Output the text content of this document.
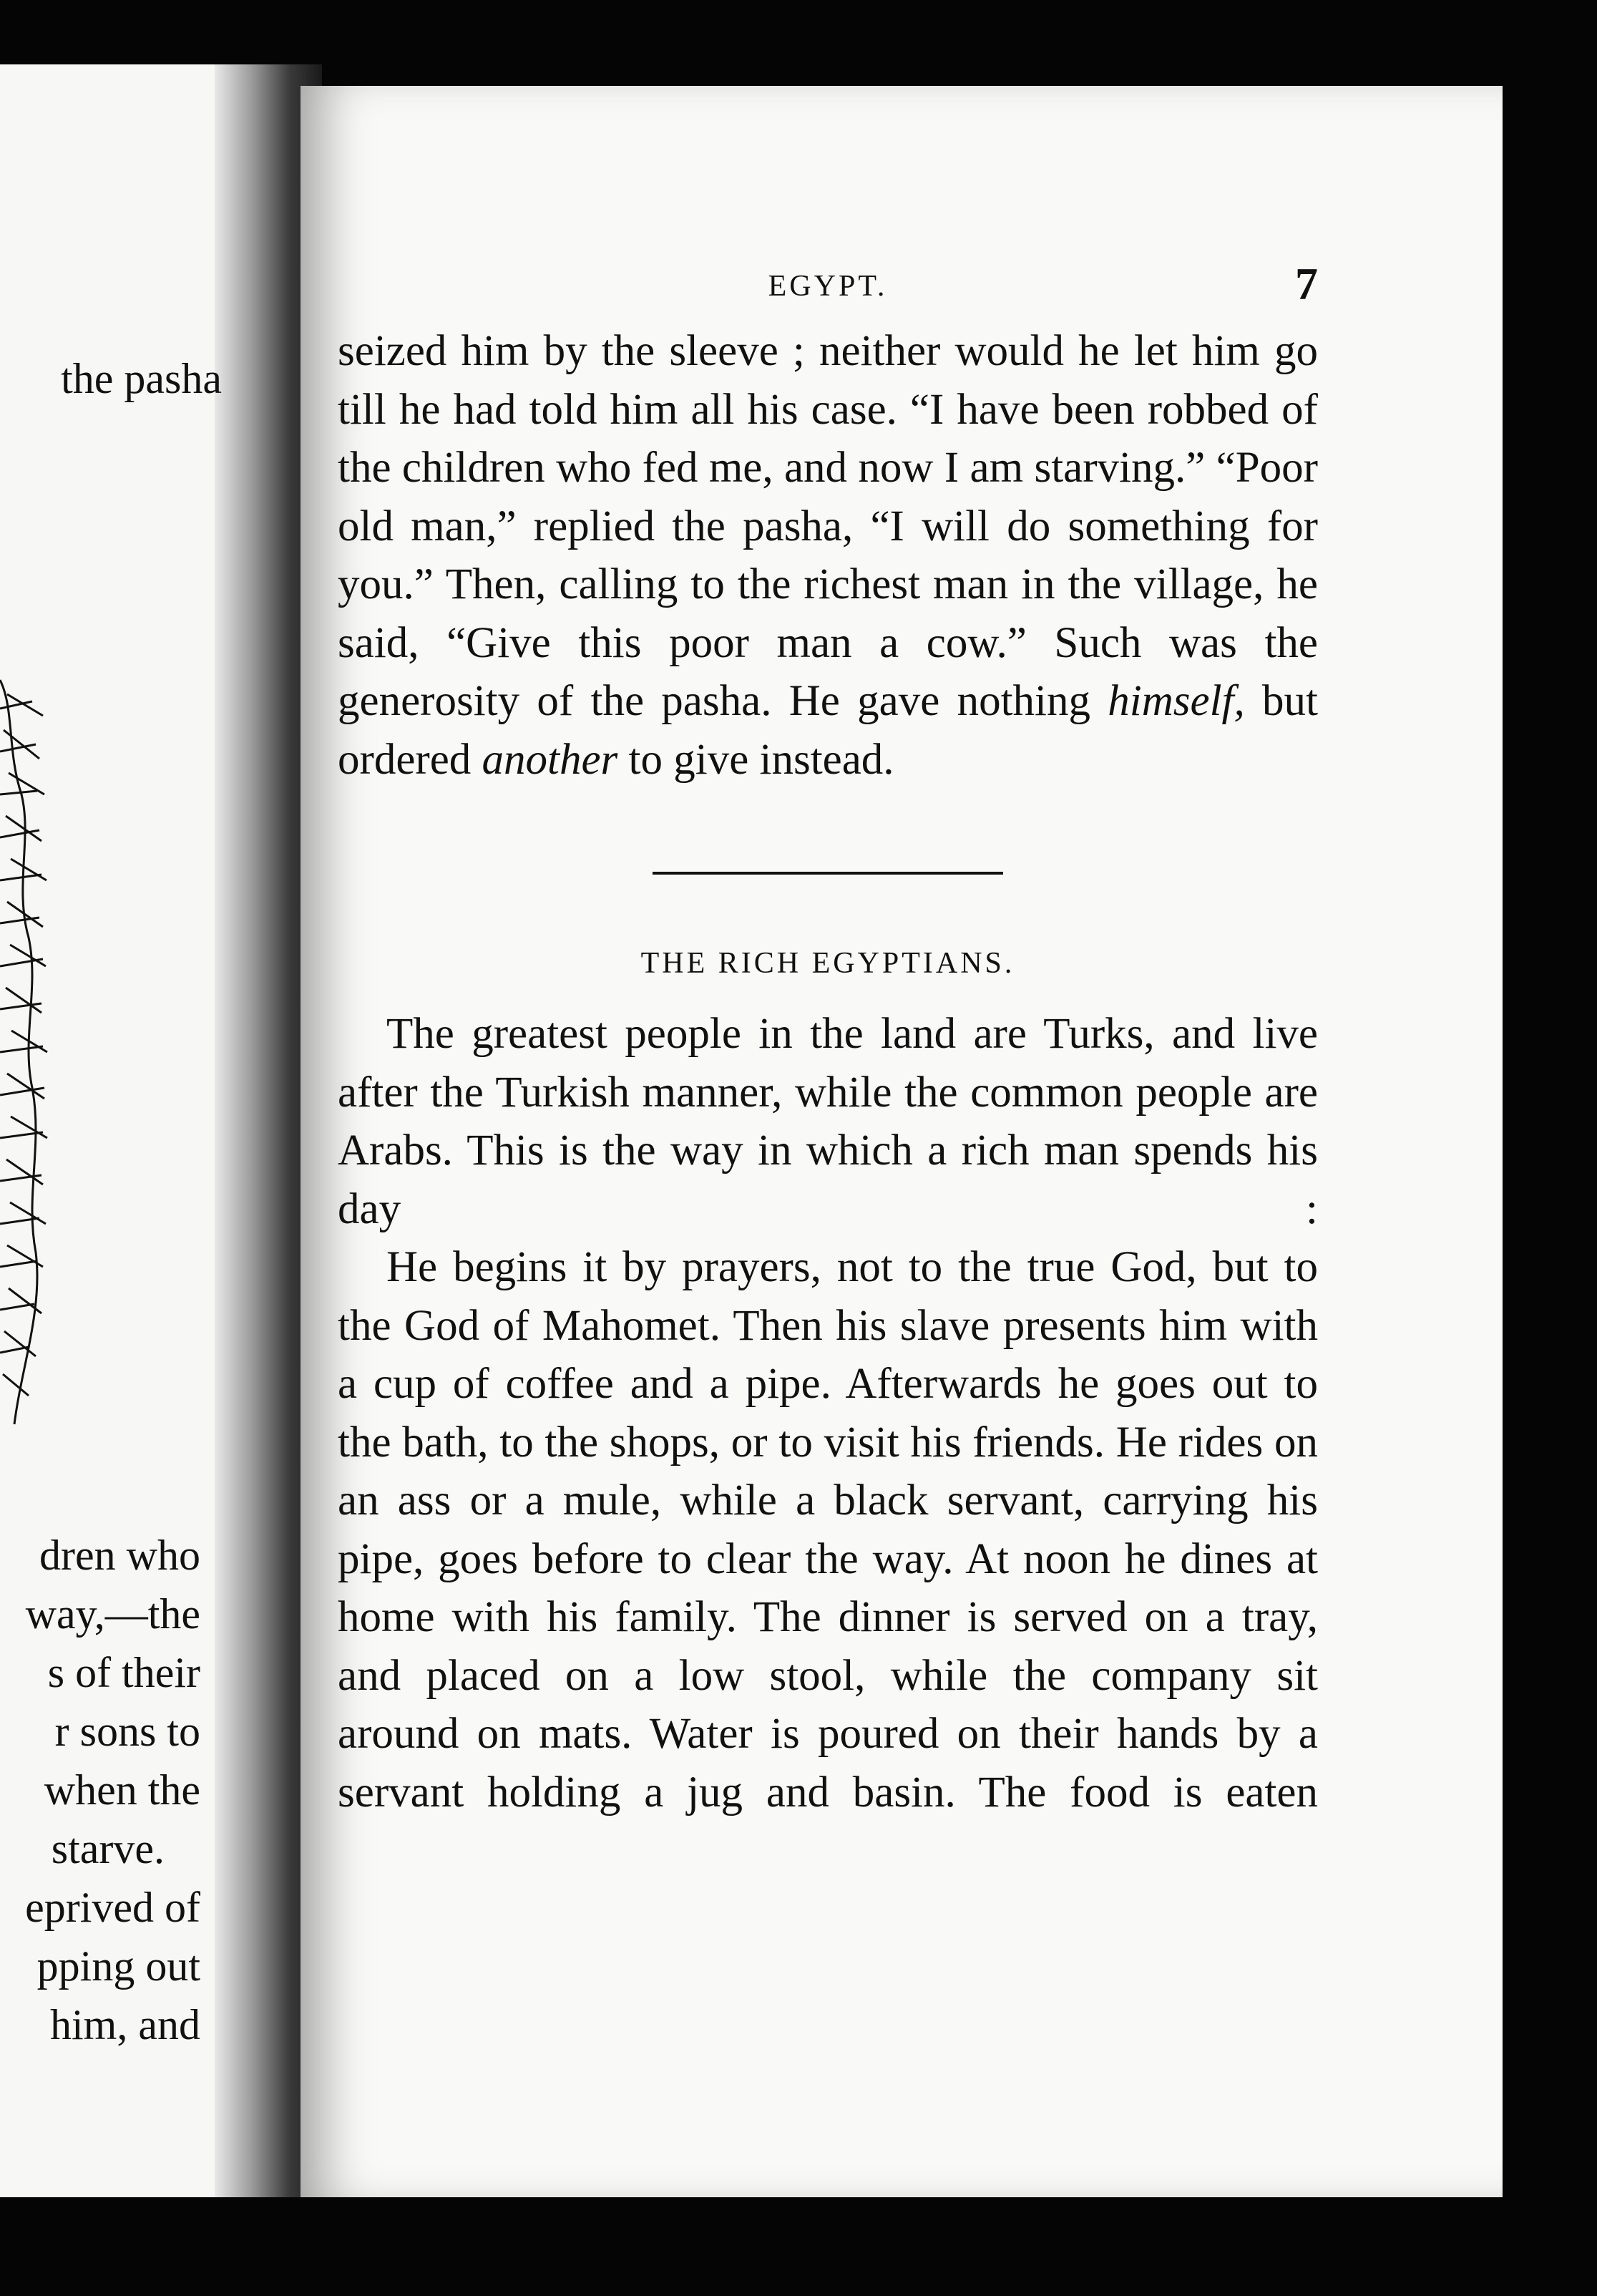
the pasha

dren who

way,—the

s of their

r sons to

when the

starve.

eprived of

pping out

him, and

EGYPT.	7

seized him by the sleeve ; neither would he let him go till he had told him all his case. “I have been robbed of the children who fed me, and now I am starving.” “Poor old man,” replied the pasha, “I will do something for you.” Then, calling to the richest man in the village, he said, “Give this poor man a cow.” Such was the generosity of the pasha. He gave nothing himself, but ordered another to give instead.

THE RICH EGYPTIANS.

The greatest people in the land are Turks, and live after the Turkish manner, while the common people are Arabs. This is the way in which a rich man spends his day :

He begins it by prayers, not to the true God, but to the God of Mahomet. Then his slave presents him with a cup of coffee and a pipe. Afterwards he goes out to the bath, to the shops, or to visit his friends. He rides on an ass or a mule, while a black servant, carrying his pipe, goes before to clear the way. At noon he dines at home with his family. The dinner is served on a tray, and placed on a low stool, while the company sit around on mats. Water is poured on their hands by a servant holding a jug and basin. The food is eaten
